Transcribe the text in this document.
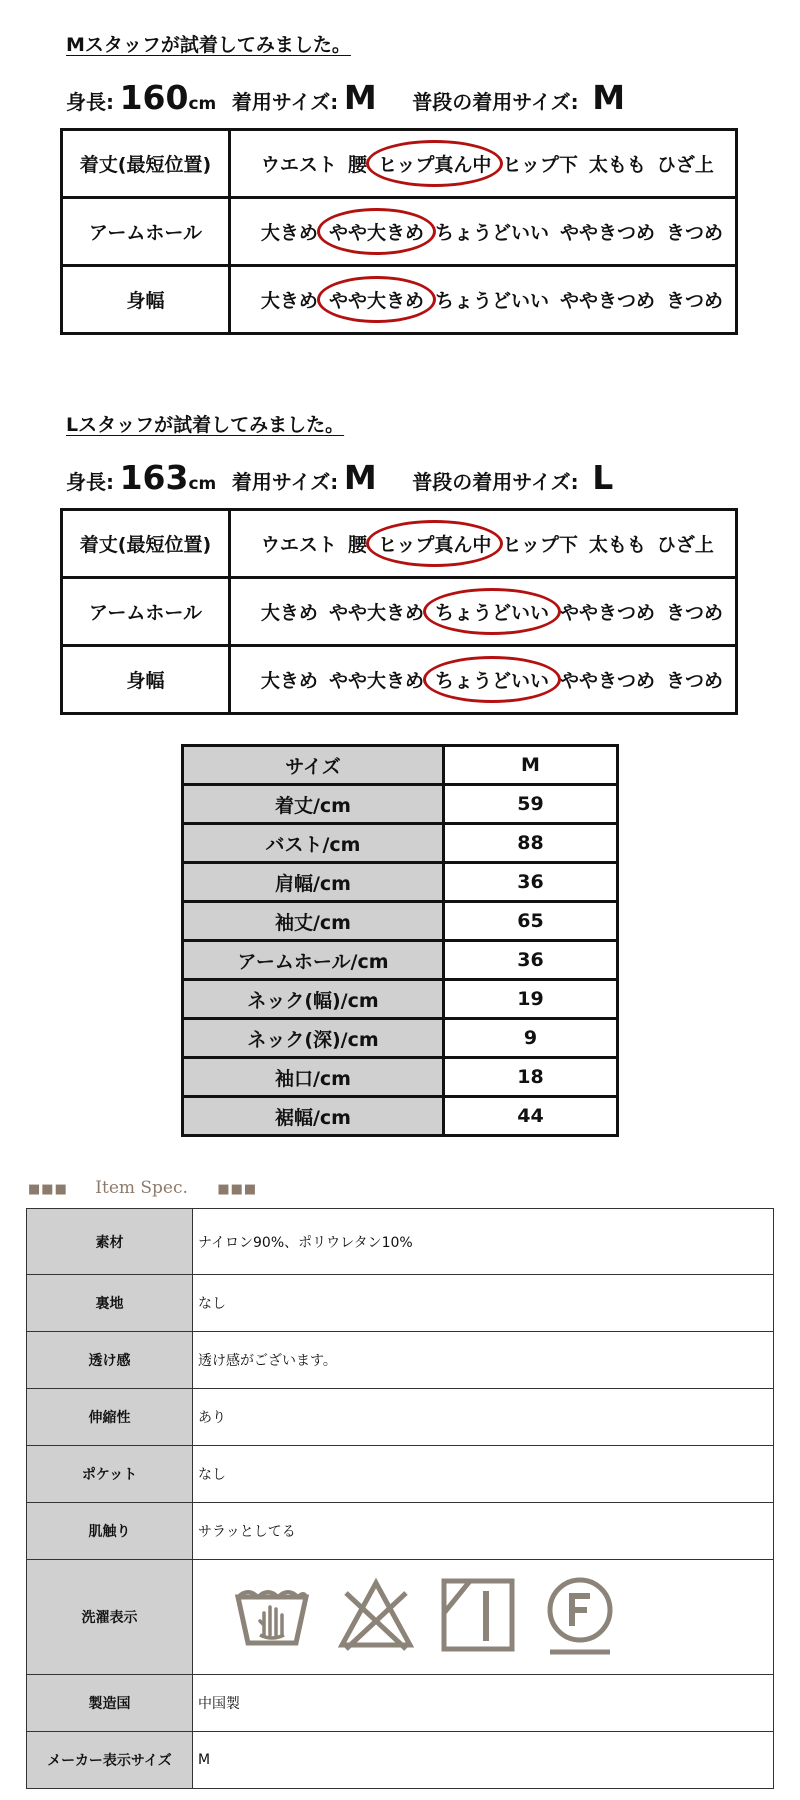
Mスタッフが試着してみました。
身長: 160cm 着用サイズ: M 普段の着用サイズ: M
着丈(最短位置)	ウエスト 腰 ヒップ真ん中 ヒップ下 太もも ひざ上
アームホール	大きめ やや大きめ ちょうどいい ややきつめ きつめ
身幅	大きめ やや大きめ ちょうどいい ややきつめ きつめ
Lスタッフが試着してみました。
身長: 163cm 着用サイズ: M 普段の着用サイズ: L
着丈(最短位置)	ウエスト 腰 ヒップ真ん中 ヒップ下 太もも ひざ上
アームホール	大きめ やや大きめ ちょうどいい ややきつめ きつめ
身幅	大きめ やや大きめ ちょうどいい ややきつめ きつめ
サイズ	M
着丈/cm	59
バスト/cm	88
肩幅/cm	36
袖丈/cm	65
アームホール/cm	36
ネック(幅)/cm	19
ネック(深)/cm	9
袖口/cm	18
裾幅/cm	44
■■■ Item Spec. ■■■
素材	ナイロン90%、ポリウレタン10%
裏地	なし
透け感	透け感がございます。
伸縮性	あり
ポケット	なし
肌触り	サラッとしてる
洗濯表示	

製造国	中国製
メーカー表示サイズ	M
